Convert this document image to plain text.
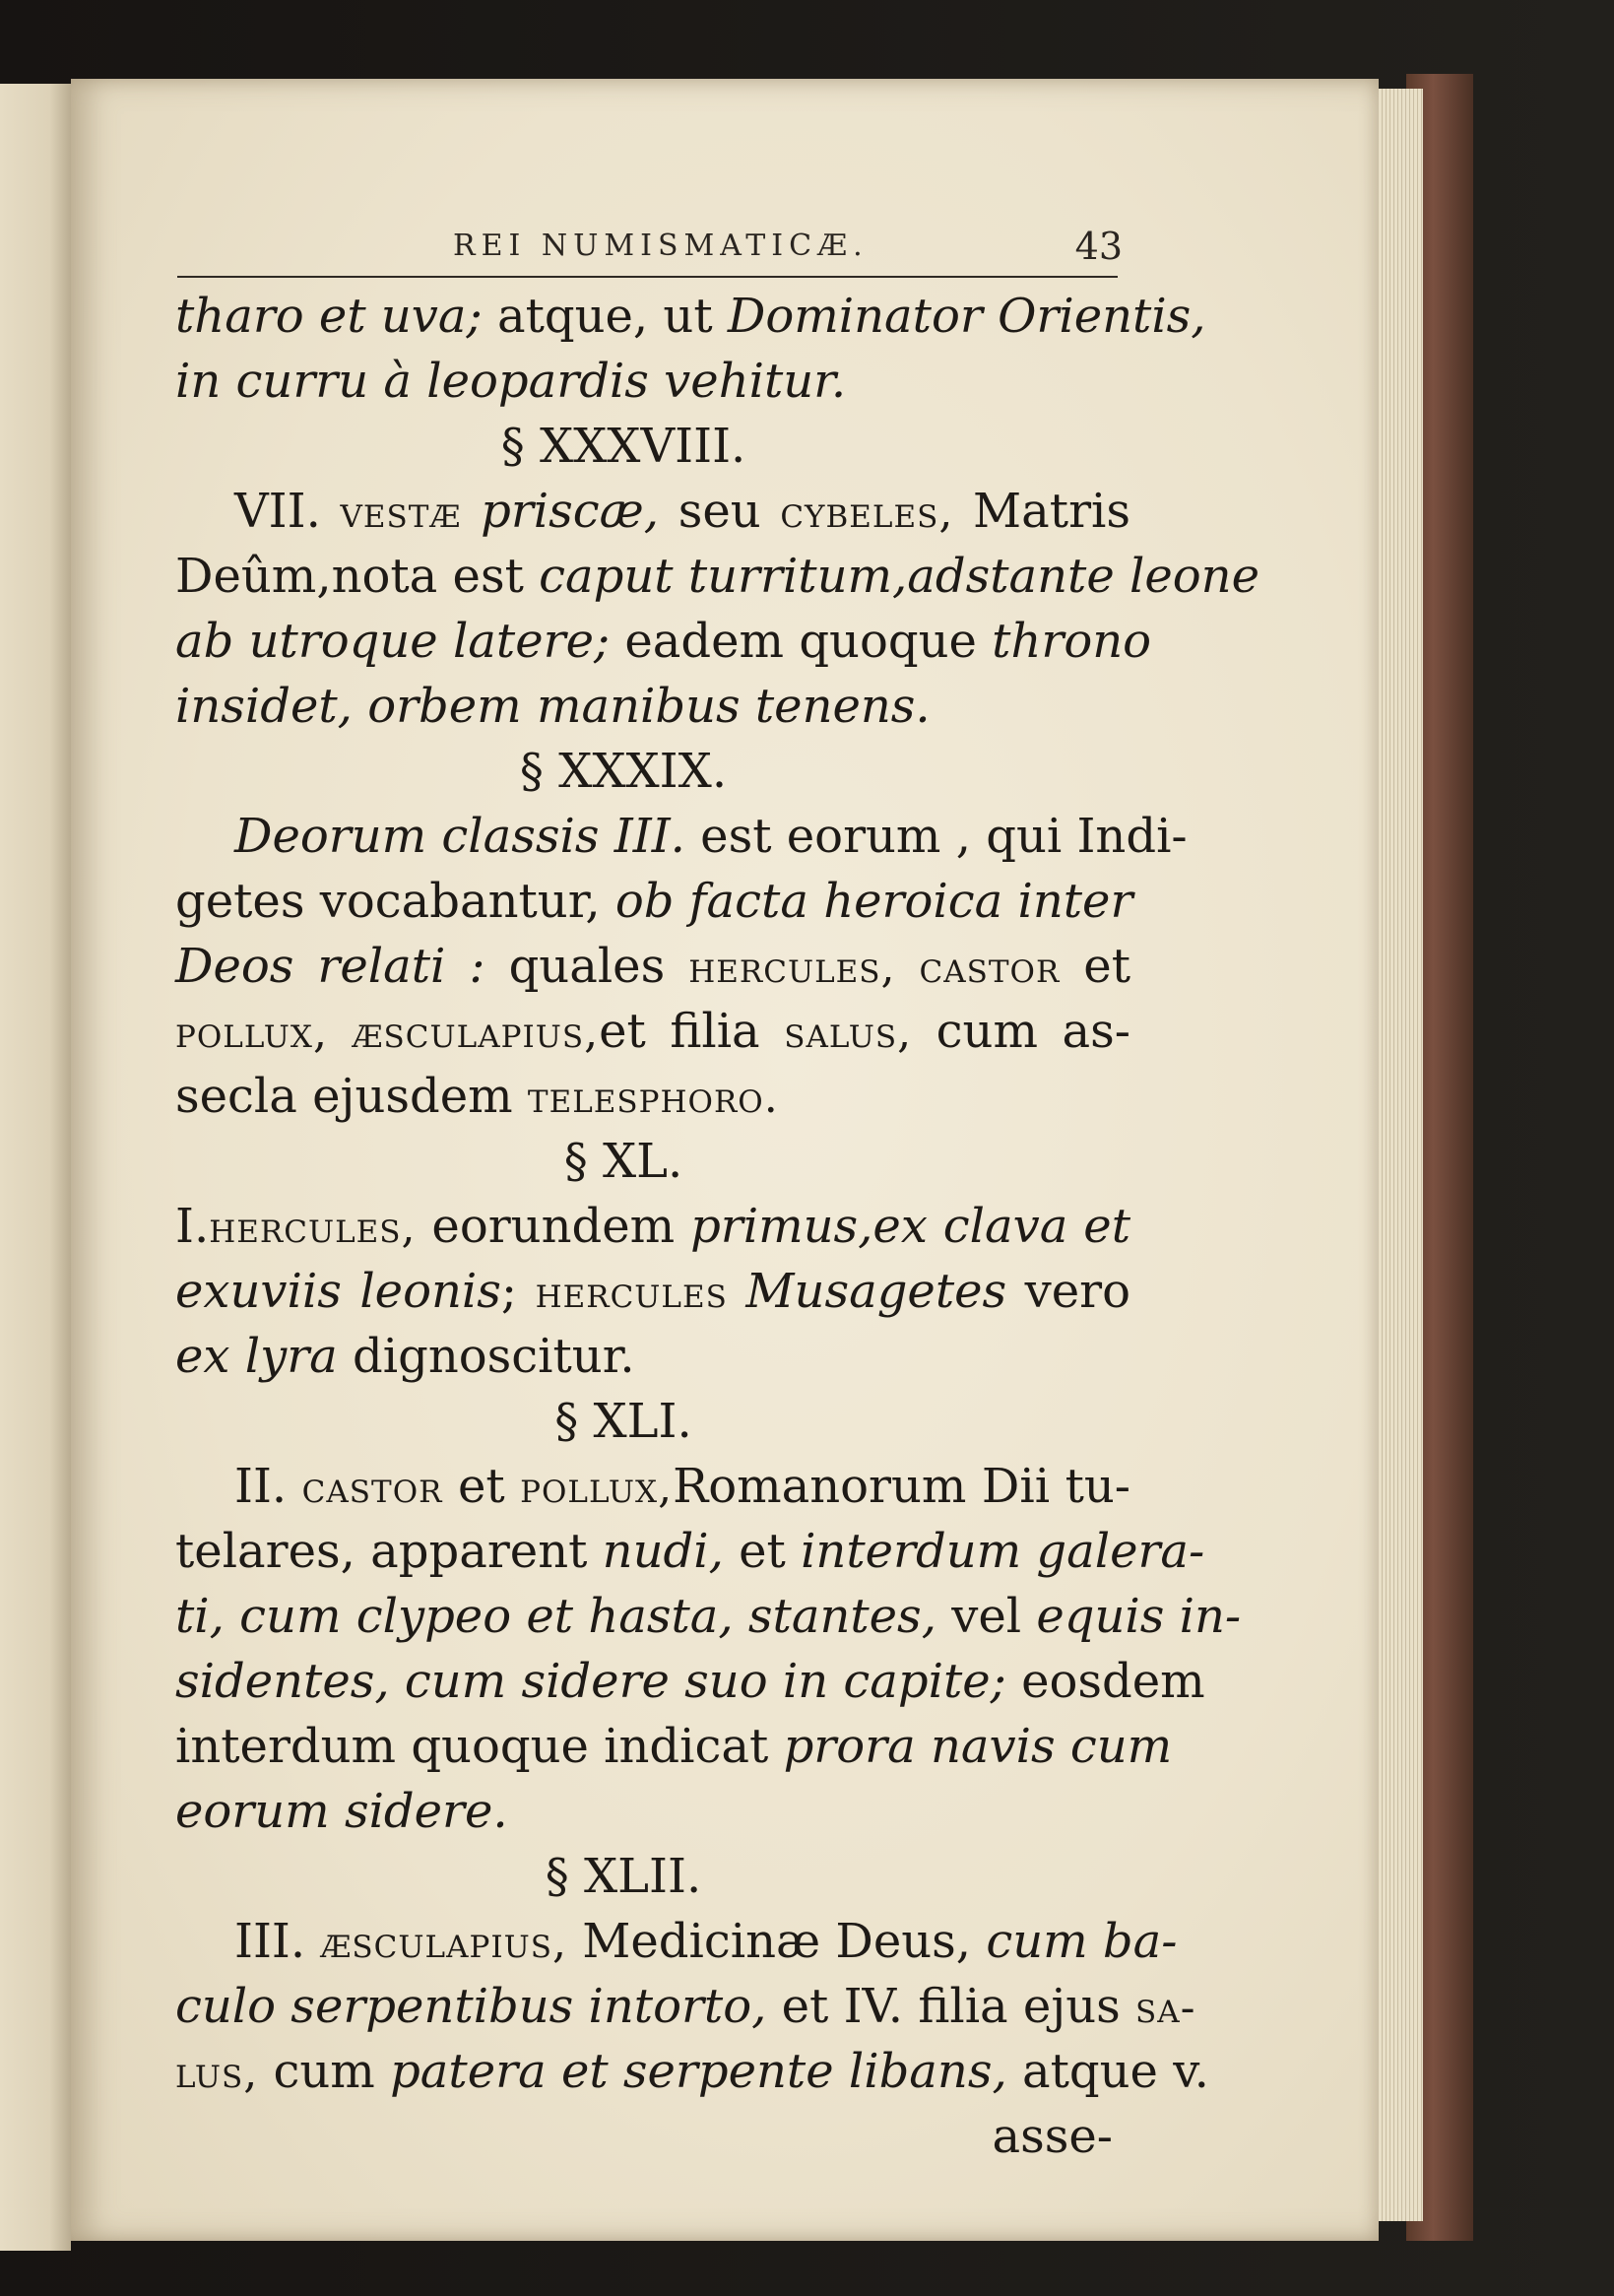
REI NUMISMATICÆ.	43
tharo et uva; atque, ut Dominator Orientis,
in curru à leopardis vehitur.
§ XXXVIII.
VII. vestæ priscæ, seu cybeles, Matris
Deûm,nota est caput turritum,adstante leone
ab utroque latere; eadem quoque throno
insidet, orbem manibus tenens.
§ XXXIX.
Deorum classis III. est eorum , qui Indi-
getes vocabantur, ob facta heroica inter
Deos relati : quales hercules, castor et
pollux, æsculapius,et filia salus, cum as-
secla ejusdem telesphoro.
§ XL.
I.hercules, eorundem primus,ex clava et
exuviis leonis; hercules Musagetes vero
ex lyra dignoscitur.
§ XLI.
II. castor et pollux,Romanorum Dii tu-
telares, apparent nudi, et interdum galera-
ti, cum clypeo et hasta, stantes, vel equis in-
sidentes, cum sidere suo in capite; eosdem
interdum quoque indicat prora navis cum
eorum sidere.
§ XLII.
III. æsculapius, Medicinæ Deus, cum ba-
culo serpentibus intorto, et IV. filia ejus sa-
lus, cum patera et serpente libans, atque v.
asse-
